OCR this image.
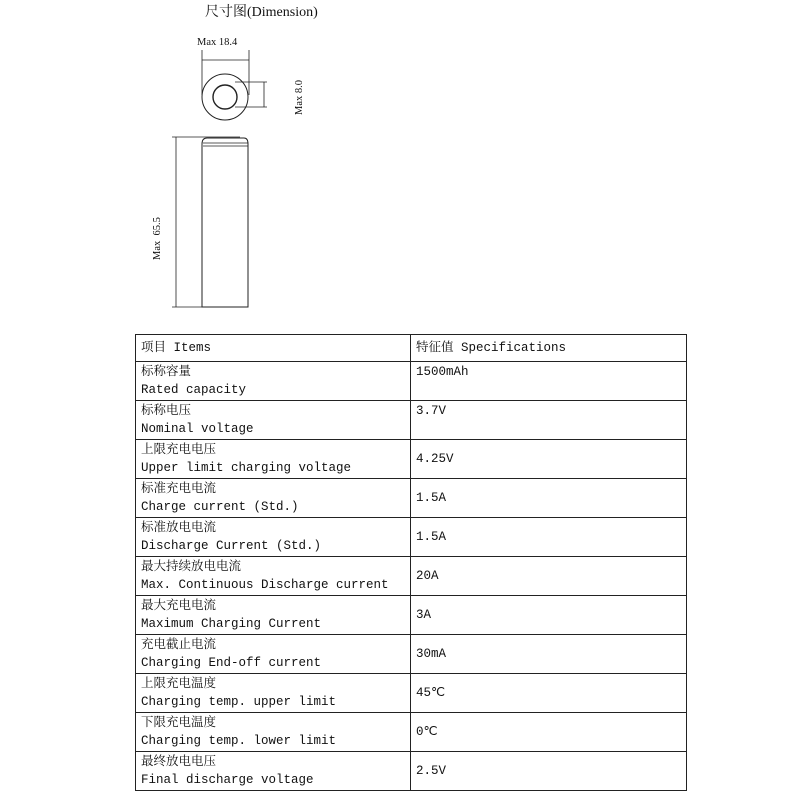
尺寸图(Dimension)
Max 18.4
Max 8.0
Max  65.5
项目 Items	特征值 Specifications

标称容量
Rated capacity	1500mAh

标称电压
Nominal voltage	3.7V

上限充电电压
Upper limit charging voltage	4.25V

标准充电电流
Charge current (Std.)	1.5A

标准放电电流
Discharge Current (Std.)	1.5A

最大持续放电电流
Max. Continuous Discharge current	20A

最大充电电流
Maximum Charging Current	3A

充电截止电流
Charging End-off current	30mA

上限充电温度
Charging temp. upper limit	45℃

下限充电温度
Charging temp. lower limit	0℃

最终放电电压
Final discharge voltage	2.5V
